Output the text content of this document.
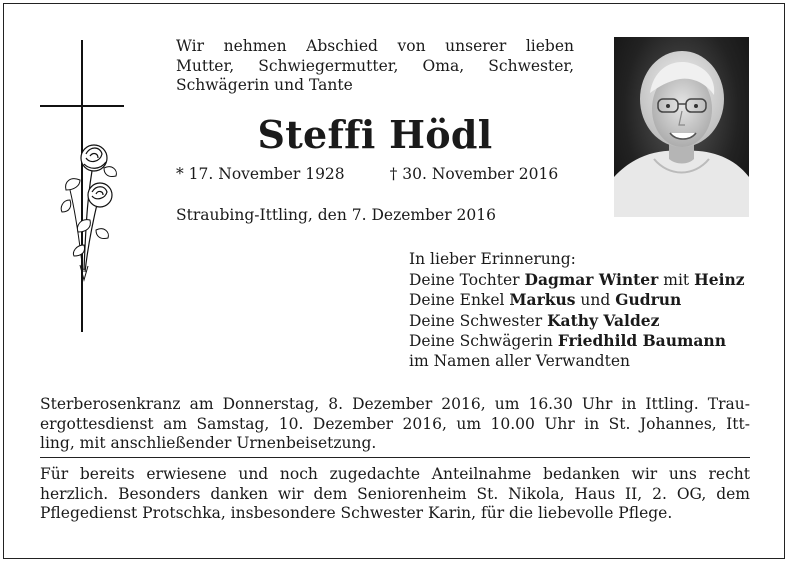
Wir nehmen Abschied von unserer lieben
Mutter, Schwiegermutter, Oma, Schwester,
Schwägerin und Tante
Steffi Hödl
* 17. November 1928	† 30. November 2016
Straubing-Ittling, den 7. Dezember 2016
In lieber Erinnerung:
Deine Tochter Dagmar Winter mit Heinz
Deine Enkel Markus und Gudrun
Deine Schwester Kathy Valdez
Deine Schwägerin Friedhild Baumann
im Namen aller Verwandten
Sterberosenkranz am Donnerstag, 8. Dezember 2016, um 16.30 Uhr in Ittling. Trau-
ergottesdienst am Samstag, 10. Dezember 2016, um 10.00 Uhr in St. Johannes, Itt-
ling, mit anschließender Urnenbeisetzung.
Für bereits erwiesene und noch zugedachte Anteilnahme bedanken wir uns recht
herzlich. Besonders danken wir dem Seniorenheim St. Nikola, Haus II, 2. OG, dem
Pflegedienst Protschka, insbesondere Schwester Karin, für die liebevolle Pflege.
